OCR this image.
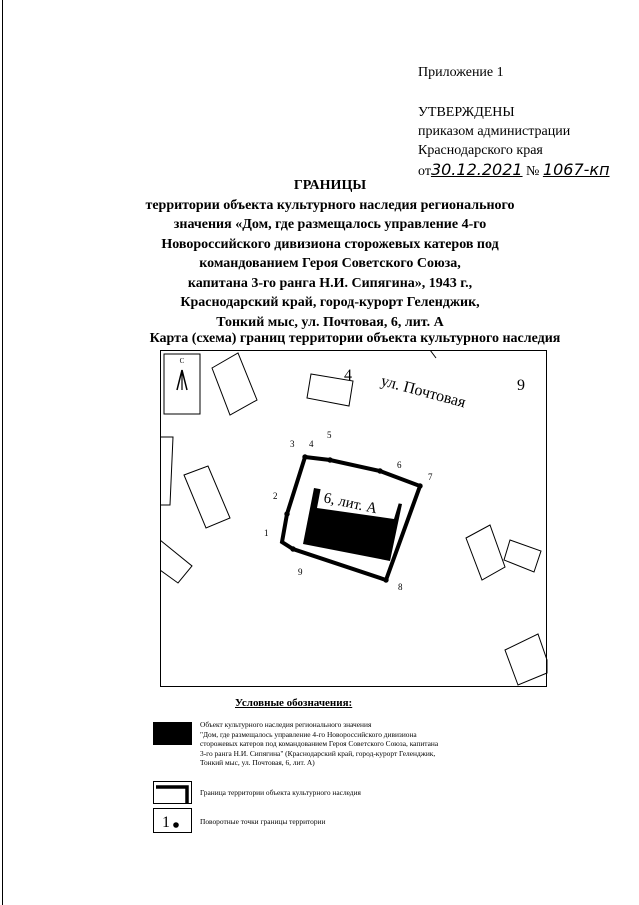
Приложение 1
УТВЕРЖДЕНЫ
приказом администрации
Краснодарского края
от30.12.2021 № 1067-кп
ГРАНИЦЫ
территории объекта культурного наследия регионального
значения «Дом, где размещалось управление 4-го
Новороссийского дивизиона сторожевых катеров под
командованием Героя Советского Союза,
капитана 3-го ранга Н.И. Сипягина», 1943 г.,
Краснодарский край, город-курорт Геленджик,
Тонкий мыс, ул. Почтовая, 6, лит. А
Карта (схема) границ территории объекта культурного наследия
С
4
9
ул. Почтовая
6, лит. А
1
2
3 4
5
6
7
8
9
Условные обозначения:
Объект культурного наследия регионального значения
"Дом, где размещалось управление 4-го Новороссийского дивизиона
сторожевых катеров под командованием Героя Советского Союза, капитана
3-го ранга Н.И. Сипягина" (Краснодарский край, город-курорт Геленджик,
Тонкий мыс, ул. Почтовая, 6, лит. А)
Граница территории объекта культурного наследия
1	Поворотные точки границы территории
